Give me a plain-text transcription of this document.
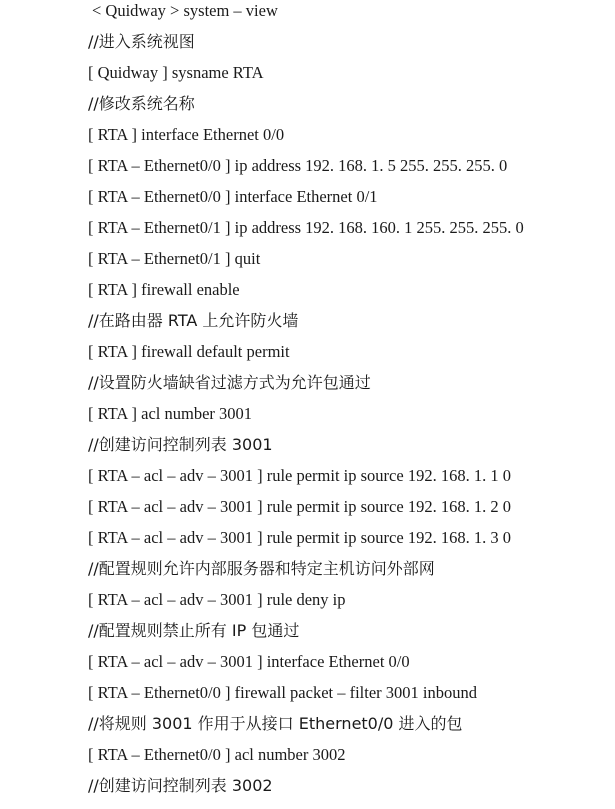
< Quidway > system – view
//进入系统视图
[ Quidway ] sysname RTA
//修改系统名称
[ RTA ] interface Ethernet 0/0
[ RTA – Ethernet0/0 ] ip address 192. 168. 1. 5 255. 255. 255. 0
[ RTA – Ethernet0/0 ] interface Ethernet 0/1
[ RTA – Ethernet0/1 ] ip address 192. 168. 160. 1 255. 255. 255. 0
[ RTA – Ethernet0/1 ] quit
[ RTA ] firewall enable
//在路由器 RTA 上允许防火墙
[ RTA ] firewall default permit
//设置防火墙缺省过滤方式为允许包通过
[ RTA ] acl number 3001
//创建访问控制列表 3001
[ RTA – acl – adv – 3001 ] rule permit ip source 192. 168. 1. 1 0
[ RTA – acl – adv – 3001 ] rule permit ip source 192. 168. 1. 2 0
[ RTA – acl – adv – 3001 ] rule permit ip source 192. 168. 1. 3 0
//配置规则允许内部服务器和特定主机访问外部网
[ RTA – acl – adv – 3001 ] rule deny ip
//配置规则禁止所有 IP 包通过
[ RTA – acl – adv – 3001 ] interface Ethernet 0/0
[ RTA – Ethernet0/0 ] firewall packet – filter 3001 inbound
//将规则 3001 作用于从接口 Ethernet0/0 进入的包
[ RTA – Ethernet0/0 ] acl number 3002
//创建访问控制列表 3002
